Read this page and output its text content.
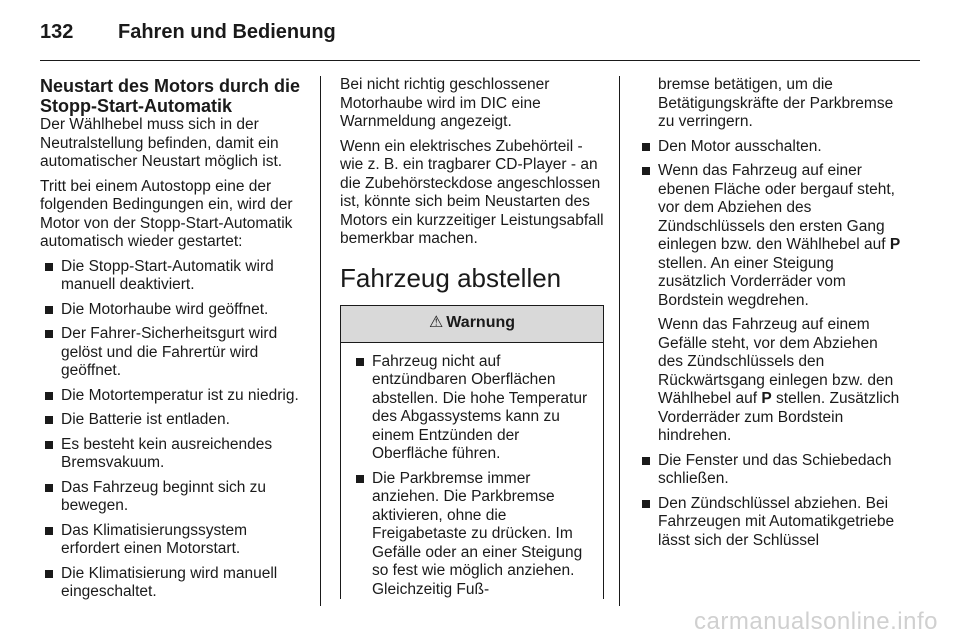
132 Fahren und Bedienung
Neustart des Motors durch die Stopp-Start-Automatik

Der Wählhebel muss sich in der Neutralstellung befinden, damit ein automatischer Neustart möglich ist.

Tritt bei einem Autostopp eine der folgenden Bedingungen ein, wird der Motor von der Stopp-Start-Automatik automatisch wieder gestartet:

Die Stopp-Start-Automatik wird manuell deaktiviert.
Die Motorhaube wird geöffnet.
Der Fahrer-Sicherheitsgurt wird gelöst und die Fahrertür wird geöffnet.
Die Motortemperatur ist zu niedrig.
Die Batterie ist entladen.
Es besteht kein ausreichendes Bremsvakuum.
Das Fahrzeug beginnt sich zu bewegen.
Das Klimatisierungssystem erfordert einen Motorstart.
Die Klimatisierung wird manuell eingeschaltet.

Bei nicht richtig geschlossener Motorhaube wird im DIC eine Warnmeldung angezeigt.

Wenn ein elektrisches Zubehörteil - wie z. B. ein tragbarer CD-Player - an die Zubehörsteckdose angeschlossen ist, könnte sich beim Neustarten des Motors ein kurzzeitiger Leistungsabfall bemerkbar machen.

Fahrzeug abstellen
⚠ Warnung
Fahrzeug nicht auf entzündbaren Oberflächen abstellen. Die hohe Temperatur des Abgassystems kann zu einem Entzünden der Oberfläche führen.
Die Parkbremse immer anziehen. Die Parkbremse aktivieren, ohne die Freigabetaste zu drücken. Im Gefälle oder an einer Steigung so fest wie möglich anziehen. Gleichzeitig Fuß-

bremse betätigen, um die Betätigungskräfte der Parkbremse zu verringern.

Den Motor ausschalten.
Wenn das Fahrzeug auf einer ebenen Fläche oder bergauf steht, vor dem Abziehen des Zündschlüssels den ersten Gang einlegen bzw. den Wählhebel auf P stellen. An einer Steigung zusätzlich Vorderräder vom Bordstein wegdrehen.

Wenn das Fahrzeug auf einem Gefälle steht, vor dem Abziehen des Zündschlüssels den Rückwärtsgang einlegen bzw. den Wählhebel auf P stellen. Zusätzlich Vorderräder zum Bordstein hindrehen.

Die Fenster und das Schiebedach schließen.
Den Zündschlüssel abziehen. Bei Fahrzeugen mit Automatikgetriebe lässt sich der Schlüssel
carmanualsonline.info
